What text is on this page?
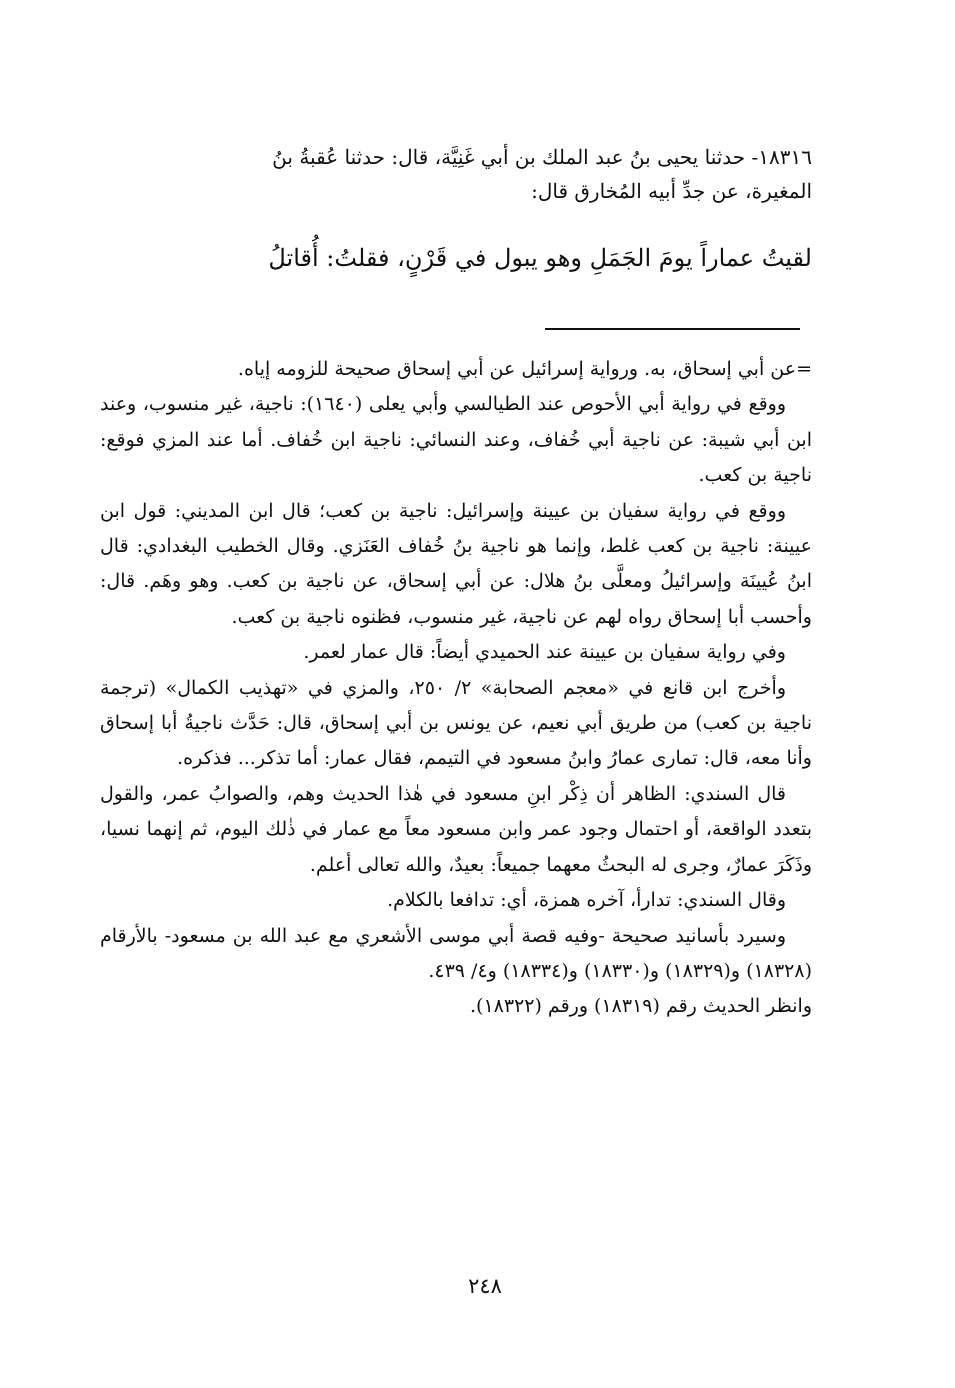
١٨٣١٦- حدثنا يحيى بنُ عبد الملك بن أبي غَنِيَّة، قال: حدثنا عُقبةُ بنُ

المغيرة، عن جدِّ أبيه المُخارق قال:

لقيتُ عماراً يومَ الجَمَلِ وهو يبول في قَرْنٍ، فقلتُ: أُقاتلُ

=عن أبي إسحاق، به. ورواية إسرائيل عن أبي إسحاق صحيحة للزومه إياه.

ووقع في رواية أبي الأحوص عند الطيالسي وأبي يعلى (١٦٤٠): ناجية، غير منسوب، وعند ابن أبي شيبة: عن ناجية أبي خُفاف، وعند النسائي: ناجية ابن خُفاف. أما عند المزي فوقع: ناجية بن كعب.

ووقع في رواية سفيان بن عيينة وإسرائيل: ناجية بن كعب؛ قال ابن المديني: قول ابن عيينة: ناجية بن كعب غلط، وإنما هو ناجية بنُ خُفاف العَنَزي. وقال الخطيب البغدادي: قال ابنُ عُيينَة وإسرائيلُ ومعلَّى بنُ هلال: عن أبي إسحاق، عن ناجية بن كعب. وهو وهَم. قال: وأحسب أبا إسحاق رواه لهم عن ناجية، غير منسوب، فظنوه ناجية بن كعب.

وفي رواية سفيان بن عيينة عند الحميدي أيضاً: قال عمار لعمر.

وأخرج ابن قانع في «معجم الصحابة» ٢/ ٢٥٠، والمزي في «تهذيب الكمال» (ترجمة ناجية بن كعب) من طريق أبي نعيم، عن يونس بن أبي إسحاق، قال: حَدَّث ناجيةُ أبا إسحاق وأنا معه، قال: تمارى عمارُ وابنُ مسعود في التيمم، فقال عمار: أما تذكر... فذكره.

قال السندي: الظاهر أن ذِكْر ابنِ مسعود في هٰذا الحديث وهم، والصوابُ عمر، والقول بتعدد الواقعة، أو احتمال وجود عمر وابن مسعود معاً مع عمار في ذٰلك اليوم، ثم إنهما نسيا، وذَكَرَ عمارٌ، وجرى له البحثُ معهما جميعاً: بعيدٌ، والله تعالى أعلم.

وقال السندي: تدارأ، آخره همزة، أي: تدافعا بالكلام.

وسيرد بأسانيد صحيحة -وفيه قصة أبي موسى الأشعري مع عبد الله بن مسعود- بالأرقام (١٨٣٢٨) و(١٨٣٢٩) و(١٨٣٣٠) و(١٨٣٣٤) و٤/ ٤٣٩.

وانظر الحديث رقم (١٨٣١٩) ورقم (١٨٣٢٢).

٢٤٨
